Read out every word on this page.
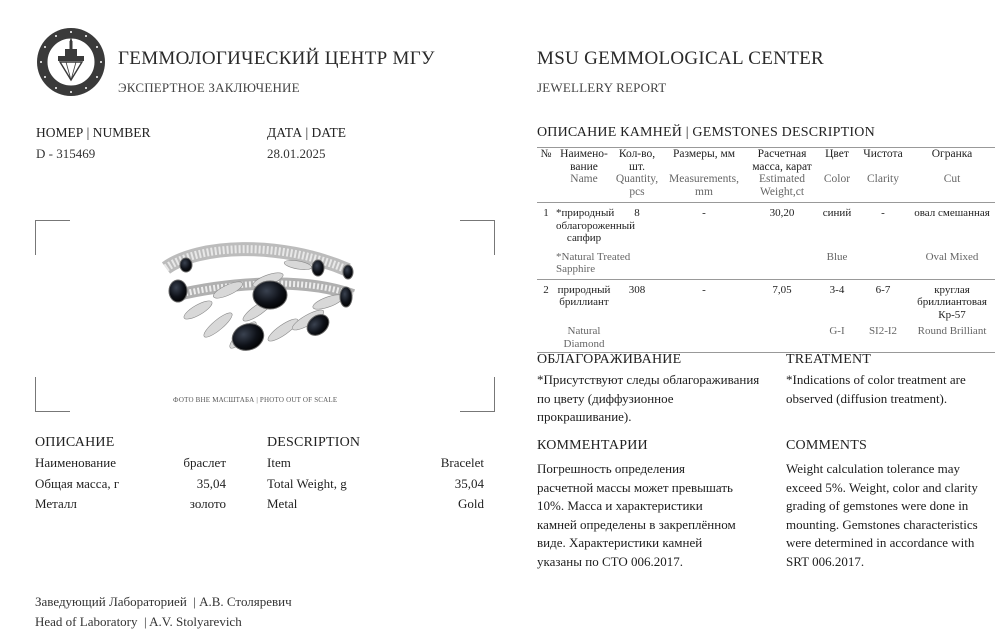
ГЕММОЛОГИЧЕСКИЙ ЦЕНТР МГУ
ЭКСПЕРТНОЕ ЗАКЛЮЧЕНИЕ
MSU GEMMOLOGICAL CENTER
JEWELLERY REPORT
НОМЕР | NUMBER
D - 315469
ДАТА | DATE
28.01.2025
ФОТО ВНЕ МАСШТАБА | PHOTO OUT OF SCALE
ОПИСАНИЕ
Наименование	браслет
Общая масса, г	35,04
Металл	золото
DESCRIPTION
Item	Bracelet
Total Weight, g	35,04
Metal	Gold
Заведующий Лабораторией  | А.В. Столяревич
Head of Laboratory  | A.V. Stolyarevich
ОПИСАНИЕ КАМНЕЙ | GEMSTONES DESCRIPTION

№	Наимено-вание	Кол-во, шт.	Размеры, мм	Расчетная масса, карат	Цвет	Чистота	Огранка
	Name	Quantity, pcs	Measurements, mm	Estimated Weight,ct	Color	Clarity	Cut

1	*природный облагороженный сапфир	8	-	30,20	синий	-	овал смешанная
	*Natural Treated Sapphire				Blue		Oval Mixed

2	природный бриллиант	308	-	7,05	3-4	6-7	круглая бриллиантовая Кр-57
	Natural Diamond				G-I	SI2-I2	Round Brilliant

ОБЛАГОРАЖИВАНИЕ	TREATMENT
*Присутствуют следы облагораживания по цвету (диффузионное прокрашивание).
*Indications of color treatment are observed (diffusion treatment).
КОММЕНТАРИИ	COMMENTS
Погрешность определения расчетной массы может превышать 10%. Масса и характеристики камней определены в закреплённом виде. Характеристики камней указаны по СТО 006.2017.
Weight calculation tolerance may exceed 5%. Weight, color and clarity grading of gemstones were done in mounting. Gemstones characteristics were determined in accordance with SRT 006.2017.
